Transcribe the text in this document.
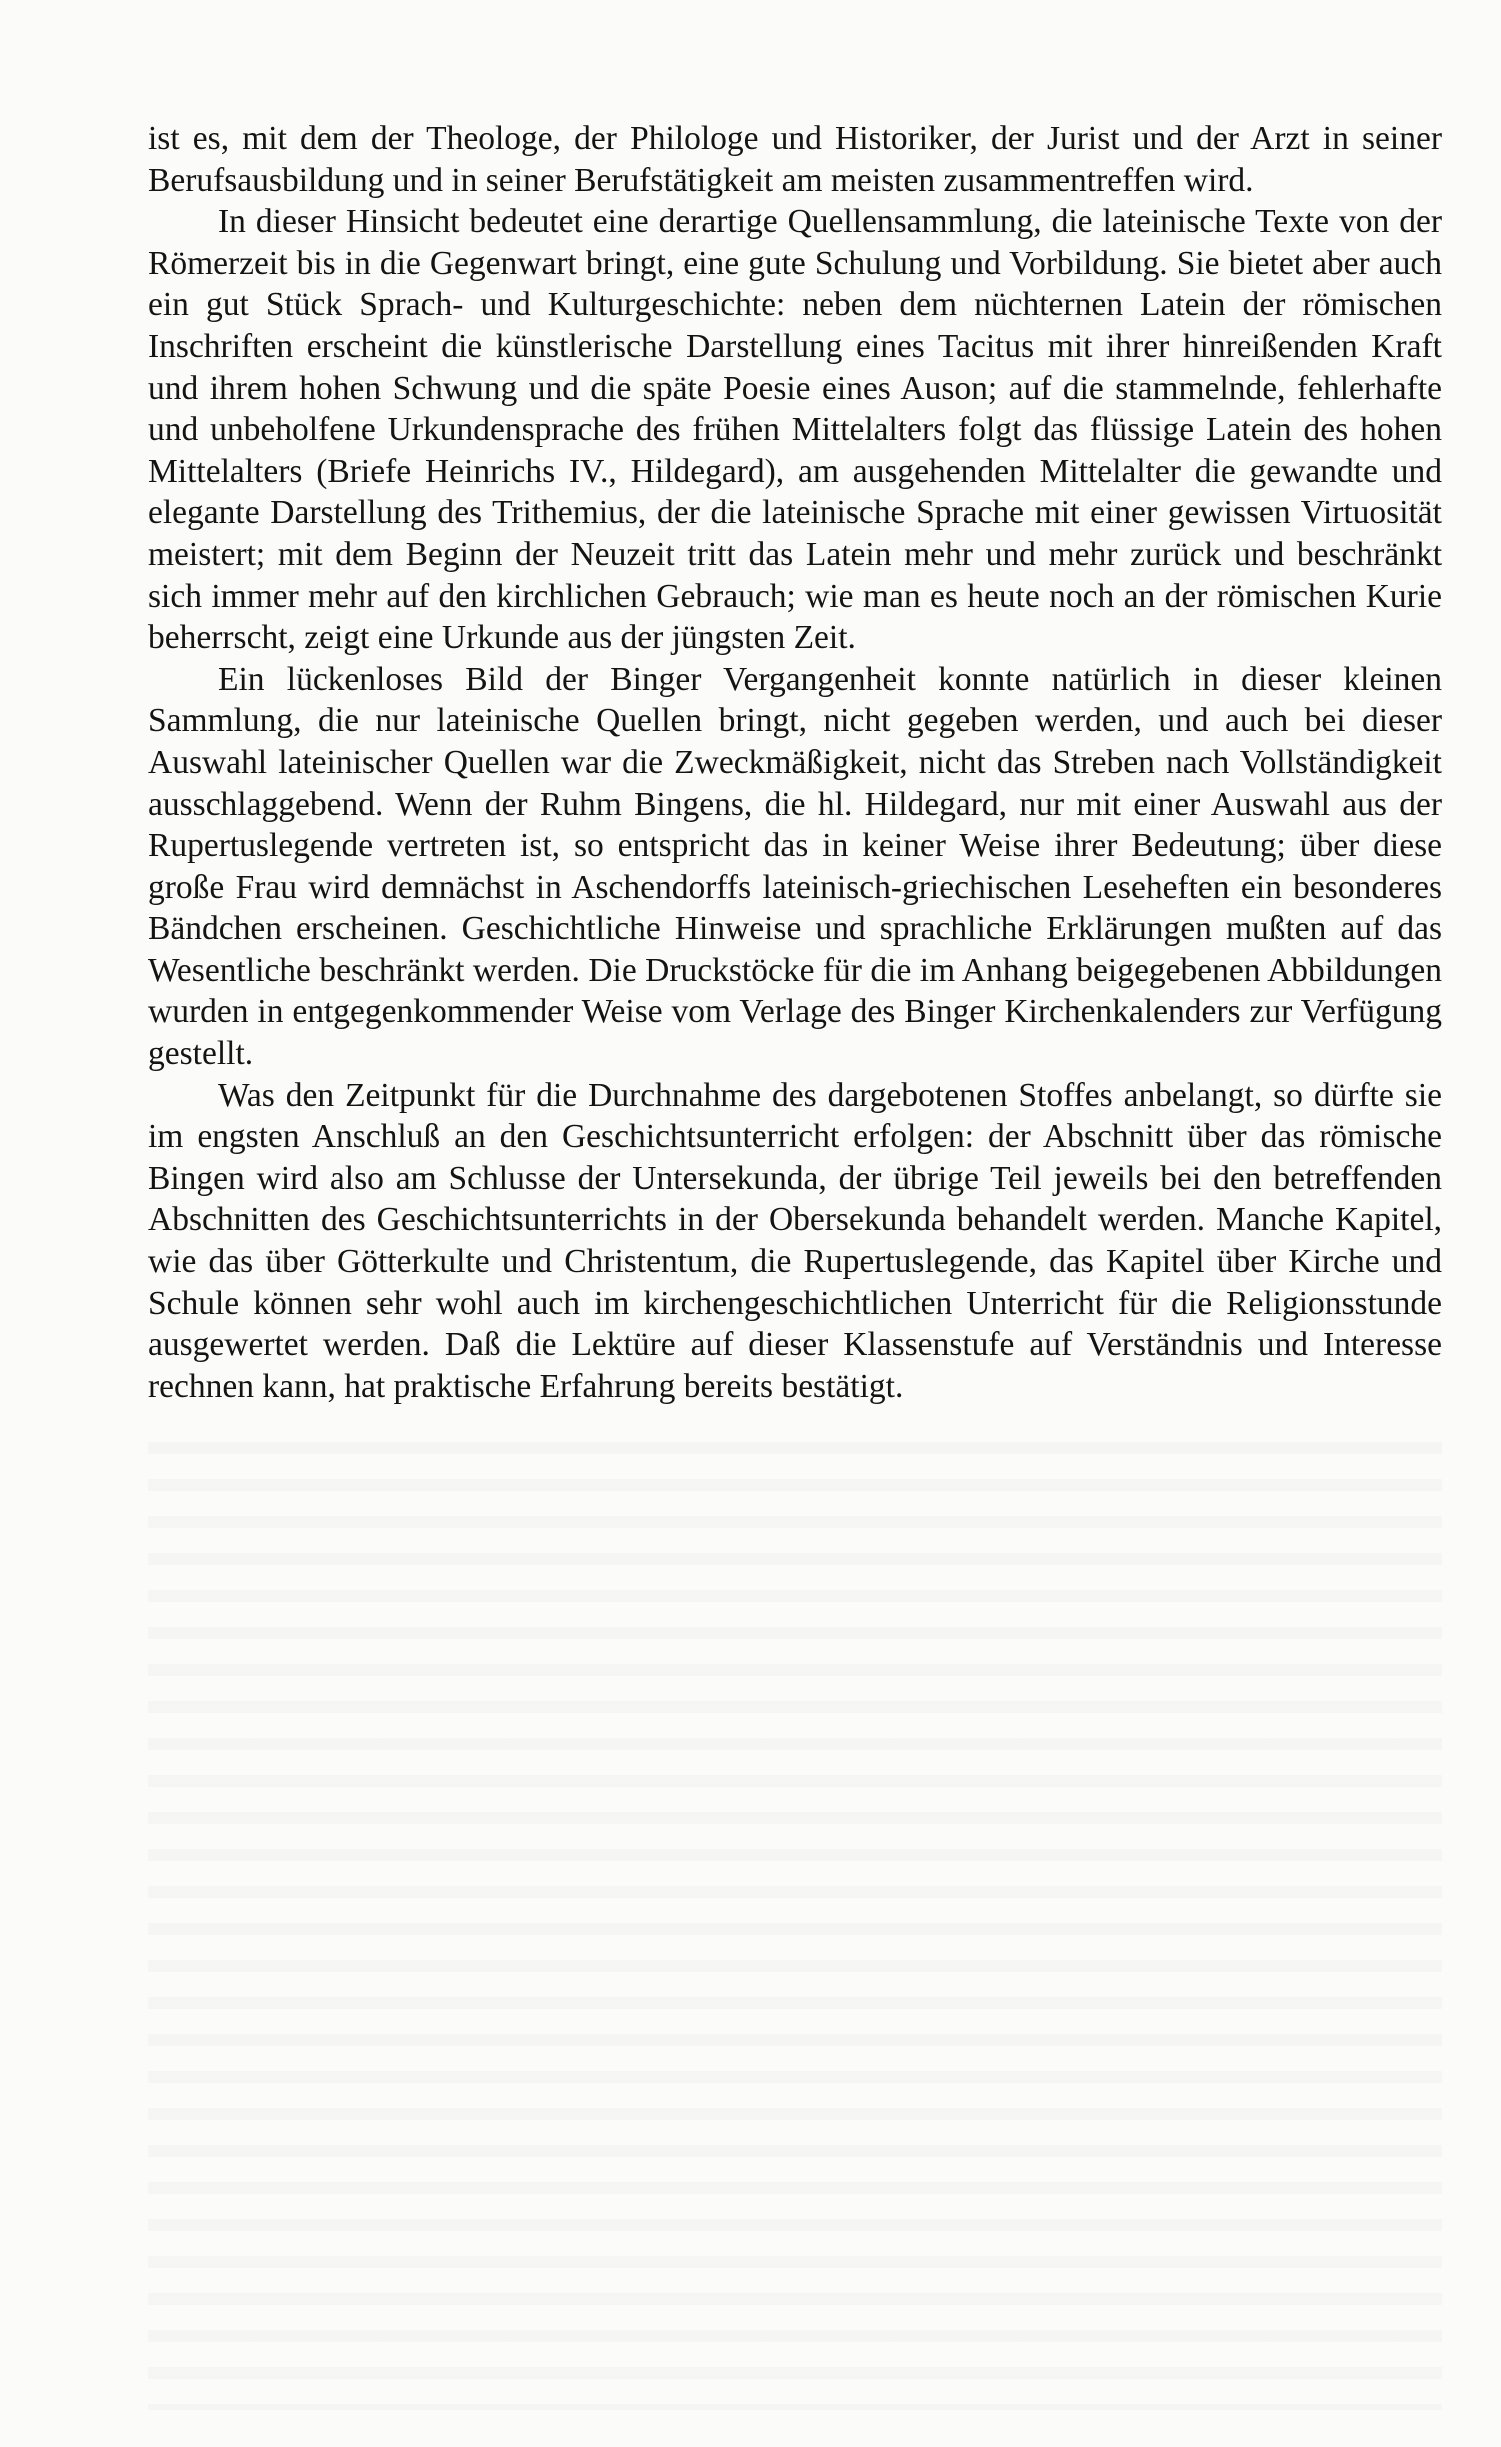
ist es, mit dem der Theologe, der Philologe und Historiker, der Jurist und der Arzt in seiner Berufsausbildung und in seiner Berufstätigkeit am meisten zusammentreffen wird.

In dieser Hinsicht bedeutet eine derartige Quellensammlung, die lateinische Texte von der Römerzeit bis in die Gegenwart bringt, eine gute Schulung und Vorbildung. Sie bietet aber auch ein gut Stück Sprach- und Kulturgeschichte: neben dem nüchternen Latein der römischen Inschriften erscheint die künstlerische Darstellung eines Tacitus mit ihrer hinreißenden Kraft und ihrem hohen Schwung und die späte Poesie eines Auson; auf die stammelnde, fehlerhafte und unbeholfene Urkundensprache des frühen Mittelalters folgt das flüssige Latein des hohen Mittelalters (Briefe Heinrichs IV., Hildegard), am ausgehenden Mittelalter die gewandte und elegante Darstellung des Trithemius, der die lateinische Sprache mit einer gewissen Virtuosität meistert; mit dem Beginn der Neuzeit tritt das Latein mehr und mehr zurück und beschränkt sich immer mehr auf den kirchlichen Gebrauch; wie man es heute noch an der römischen Kurie beherrscht, zeigt eine Urkunde aus der jüngsten Zeit.

Ein lückenloses Bild der Binger Vergangenheit konnte natürlich in dieser kleinen Sammlung, die nur lateinische Quellen bringt, nicht gegeben werden, und auch bei dieser Auswahl lateinischer Quellen war die Zweckmäßigkeit, nicht das Streben nach Vollständigkeit ausschlaggebend. Wenn der Ruhm Bingens, die hl. Hildegard, nur mit einer Auswahl aus der Rupertuslegende vertreten ist, so entspricht das in keiner Weise ihrer Bedeutung; über diese große Frau wird demnächst in Aschendorffs lateinisch-griechischen Leseheften ein besonderes Bändchen erscheinen. Geschichtliche Hinweise und sprachliche Erklärungen mußten auf das Wesentliche beschränkt werden. Die Druckstöcke für die im Anhang beigegebenen Abbildungen wurden in entgegenkommender Weise vom Verlage des Binger Kirchenkalenders zur Verfügung gestellt.

Was den Zeitpunkt für die Durchnahme des dargebotenen Stoffes anbelangt, so dürfte sie im engsten Anschluß an den Geschichtsunterricht erfolgen: der Abschnitt über das römische Bingen wird also am Schlusse der Untersekunda, der übrige Teil jeweils bei den betreffenden Abschnitten des Geschichtsunterrichts in der Obersekunda behandelt werden. Manche Kapitel, wie das über Götterkulte und Christentum, die Rupertuslegende, das Kapitel über Kirche und Schule können sehr wohl auch im kirchengeschichtlichen Unterricht für die Religionsstunde ausgewertet werden. Daß die Lektüre auf dieser Klassenstufe auf Verständnis und Interesse rechnen kann, hat praktische Erfahrung bereits bestätigt.
